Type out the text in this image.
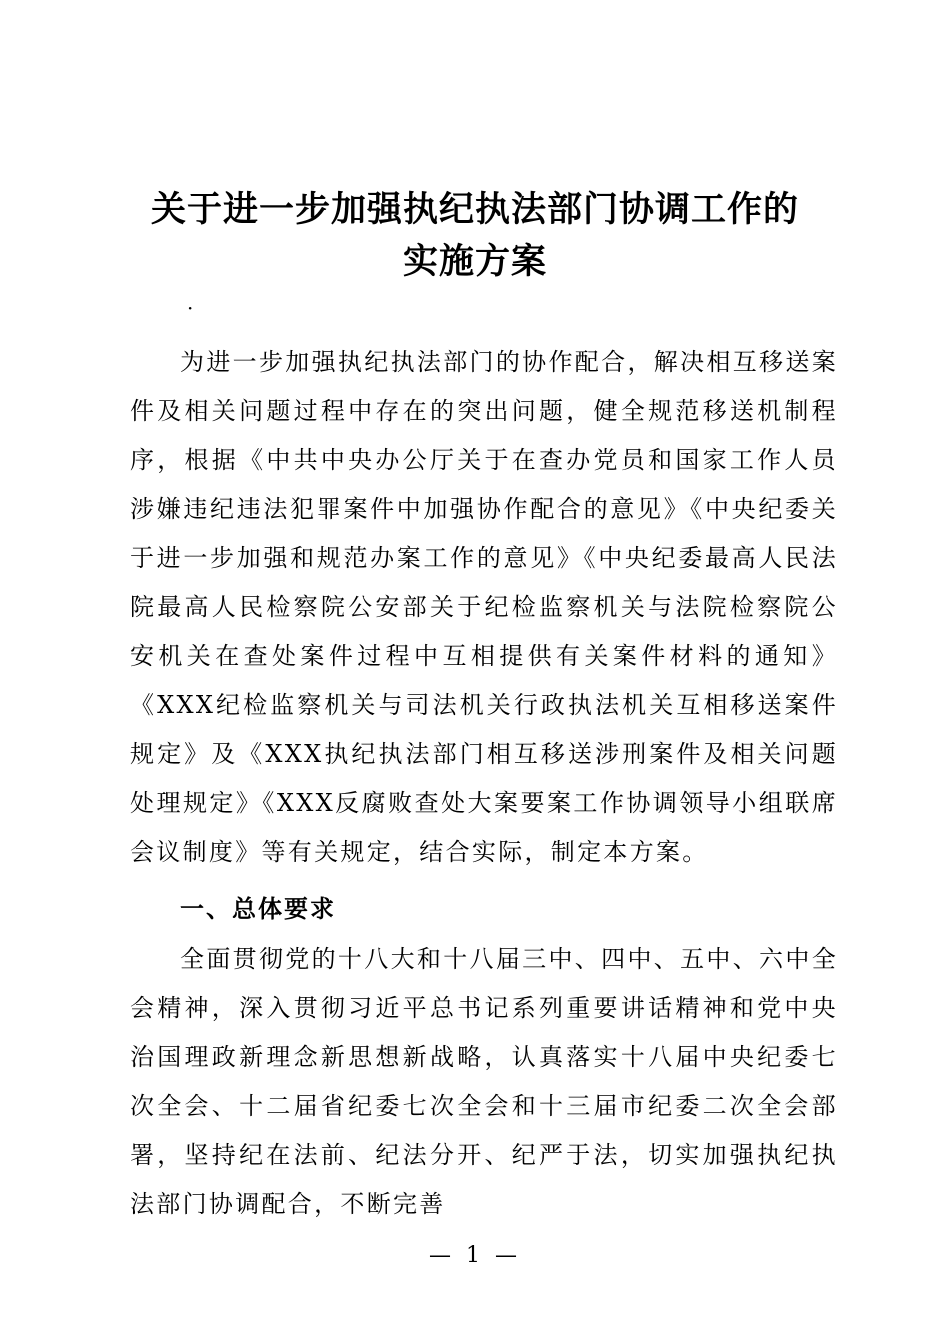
关于进一步加强执纪执法部门协调工作的
实施方案
·

为进一步加强执纪执法部门的协作配合，解决相互移送案件及相关问题过程中存在的突出问题，健全规范移送机制程序，根据《中共中央办公厅关于在查办党员和国家工作人员涉嫌违纪违法犯罪案件中加强协作配合的意见》《中央纪委关于进一步加强和规范办案工作的意见》《中央纪委最高人民法院最高人民检察院公安部关于纪检监察机关与法院检察院公安机关在查处案件过程中互相提供有关案件材料的通知》《XXX纪检监察机关与司法机关行政执法机关互相移送案件规定》及《XXX执纪执法部门相互移送涉刑案件及相关问题处理规定》《XXX反腐败查处大案要案工作协调领导小组联席会议制度》等有关规定，结合实际，制定本方案。

一、总体要求

全面贯彻党的十八大和十八届三中、四中、五中、六中全会精神，深入贯彻习近平总书记系列重要讲话精神和党中央治国理政新理念新思想新战略，认真落实十八届中央纪委七次全会、十二届省纪委七次全会和十三届市纪委二次全会部署，坚持纪在法前、纪法分开、纪严于法，切实加强执纪执法部门协调配合，不断完善

— 1 —
